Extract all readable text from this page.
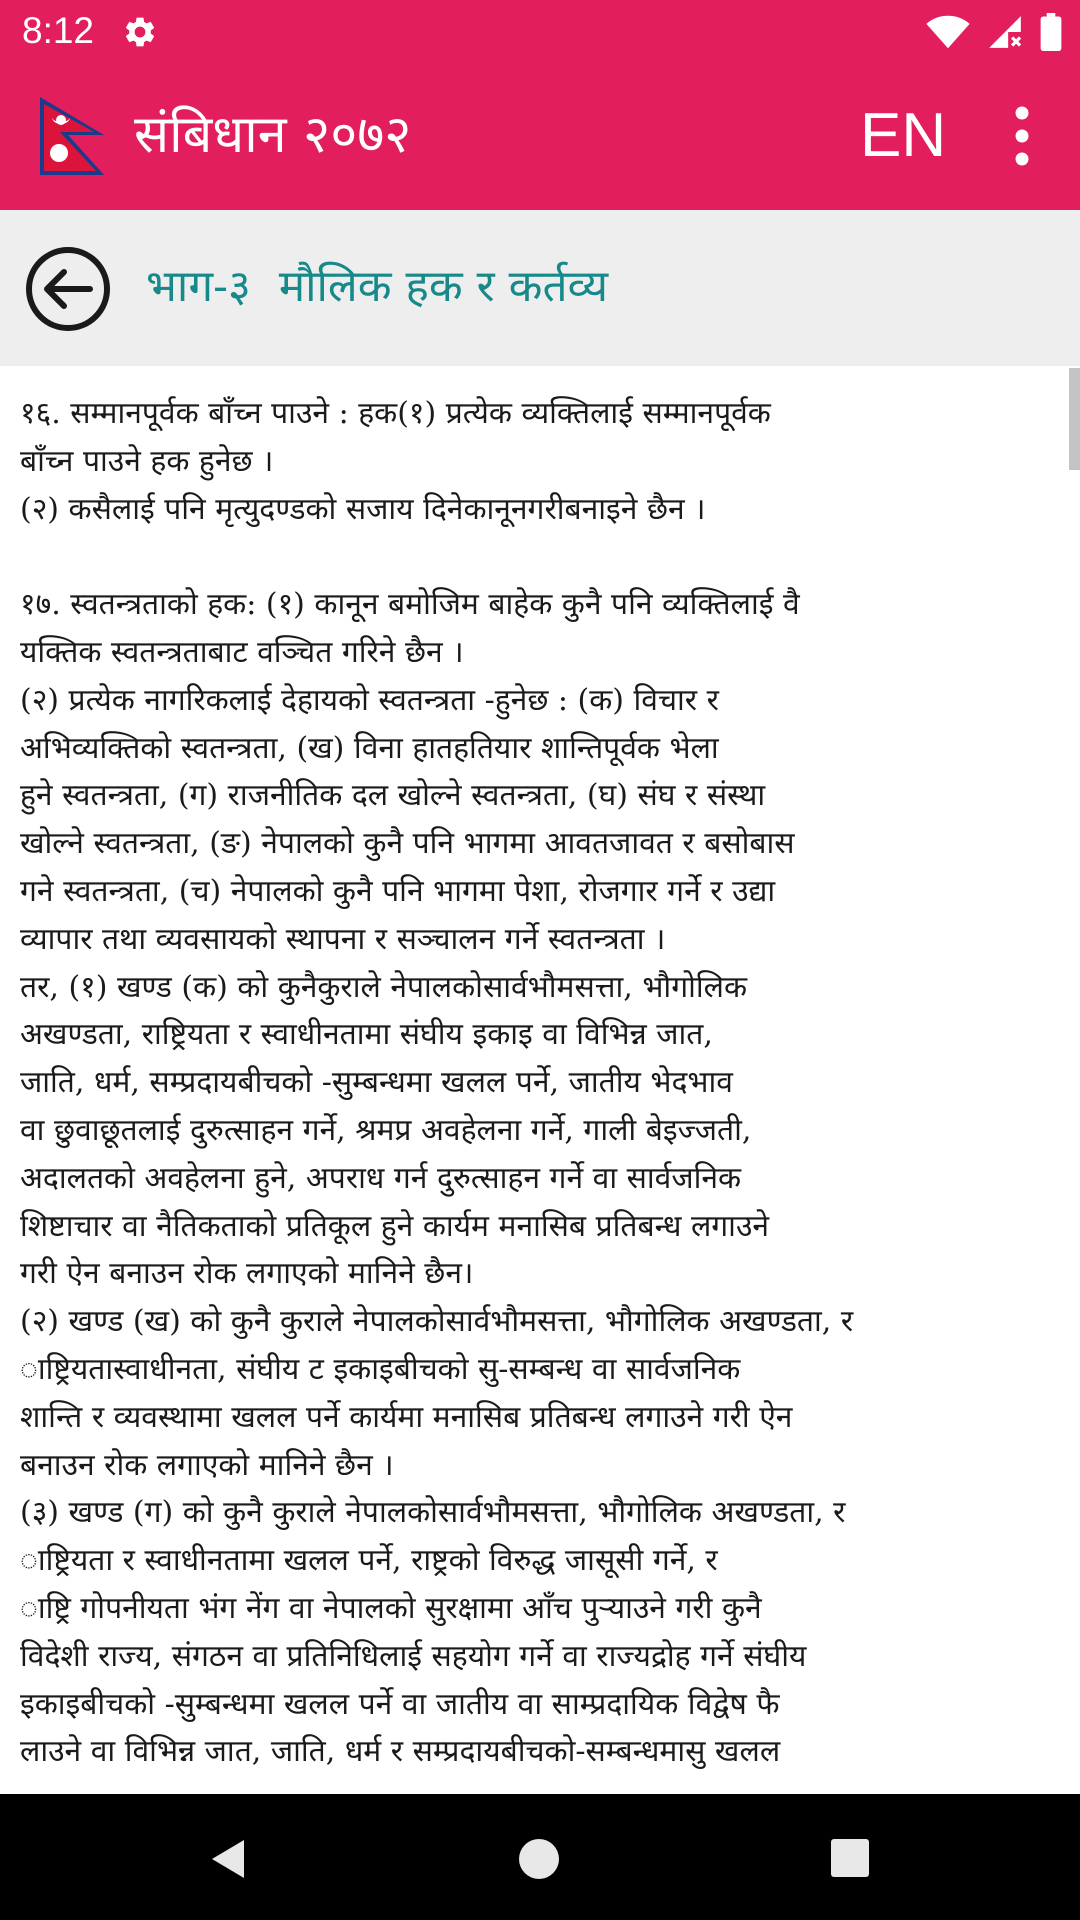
8:12
संबिधान २०७२	EN
भाग-३  मौलिक हक र कर्तव्य
१६. सम्मानपूर्वक बाँच्न पाउने : हक(१) प्रत्येक व्यक्तिलाई सम्मानपूर्वक
बाँच्न पाउने हक हुनेछ ।
(२) कसैलाई पनि मृत्युदण्डको सजाय दिनेकानूनगरीबनाइने छैन ।

१७. स्वतन्त्रताको हक: (१) कानून बमोजिम बाहेक कुनै पनि व्यक्तिलाई वै
यक्तिक स्वतन्त्रताबाट वञ्चित गरिने छैन ।
(२) प्रत्येक नागरिकलाई देहायको स्वतन्त्रता -हुनेछ : (क) विचार र
अभिव्यक्तिको स्वतन्त्रता, (ख) विना हातहतियार शान्तिपूर्वक भेला
हुने स्वतन्त्रता, (ग) राजनीतिक दल खोल्ने स्वतन्त्रता, (घ) संघ र संस्था
खोल्ने स्वतन्त्रता, (ङ) नेपालको कुनै पनि भागमा आवतजावत र बसोबास
गने स्वतन्त्रता, (च) नेपालको कुनै पनि भागमा पेशा, रोजगार गर्ने र उद्या
व्यापार तथा व्यवसायको स्थापना र सञ्चालन गर्ने स्वतन्त्रता ।
तर, (१) खण्ड (क) को कुनैकुराले नेपालकोसार्वभौमसत्ता, भौगोलिक
अखण्डता, राष्ट्रियता र स्वाधीनतामा संघीय इकाइ वा विभिन्न जात,
जाति, धर्म, सम्प्रदायबीचको -सुम्बन्धमा खलल पर्ने, जातीय भेदभाव
वा छुवाछूतलाई दुरुत्साहन गर्ने, श्रमप्र अवहेलना गर्ने, गाली बेइज्जती,
अदालतको अवहेलना हुने, अपराध गर्न दुरुत्साहन गर्ने वा सार्वजनिक
शिष्टाचार वा नैतिकताको प्रतिकूल हुने कार्यम मनासिब प्रतिबन्ध लगाउने
गरी ऐन बनाउन रोक लगाएको मानिने छैन।
(२) खण्ड (ख) को कुनै कुराले नेपालकोसार्वभौमसत्ता, भौगोलिक अखण्डता, र
ाष्ट्रियतास्वाधीनता, संघीय ट इकाइबीचको सु-सम्बन्ध वा सार्वजनिक
शान्ति र व्यवस्थामा खलल पर्ने कार्यमा मनासिब प्रतिबन्ध लगाउने गरी ऐन
बनाउन रोक लगाएको मानिने छैन ।
(३) खण्ड (ग) को कुनै कुराले नेपालकोसार्वभौमसत्ता, भौगोलिक अखण्डता, र
ाष्ट्रियता र स्वाधीनतामा खलल पर्ने, राष्ट्रको विरुद्ध जासूसी गर्ने, र
ाष्ट्रि गोपनीयता भंग नेंग वा नेपालको सुरक्षामा आँच पुर्‍याउने गरी कुनै
विदेशी राज्य, संगठन वा प्रतिनिधिलाई सहयोग गर्ने वा राज्यद्रोह गर्ने संघीय
इकाइबीचको -सुम्बन्धमा खलल पर्ने वा जातीय वा साम्प्रदायिक विद्वेष फै
लाउने वा विभिन्न जात, जाति, धर्म र सम्प्रदायबीचको-सम्बन्धमासु खलल
